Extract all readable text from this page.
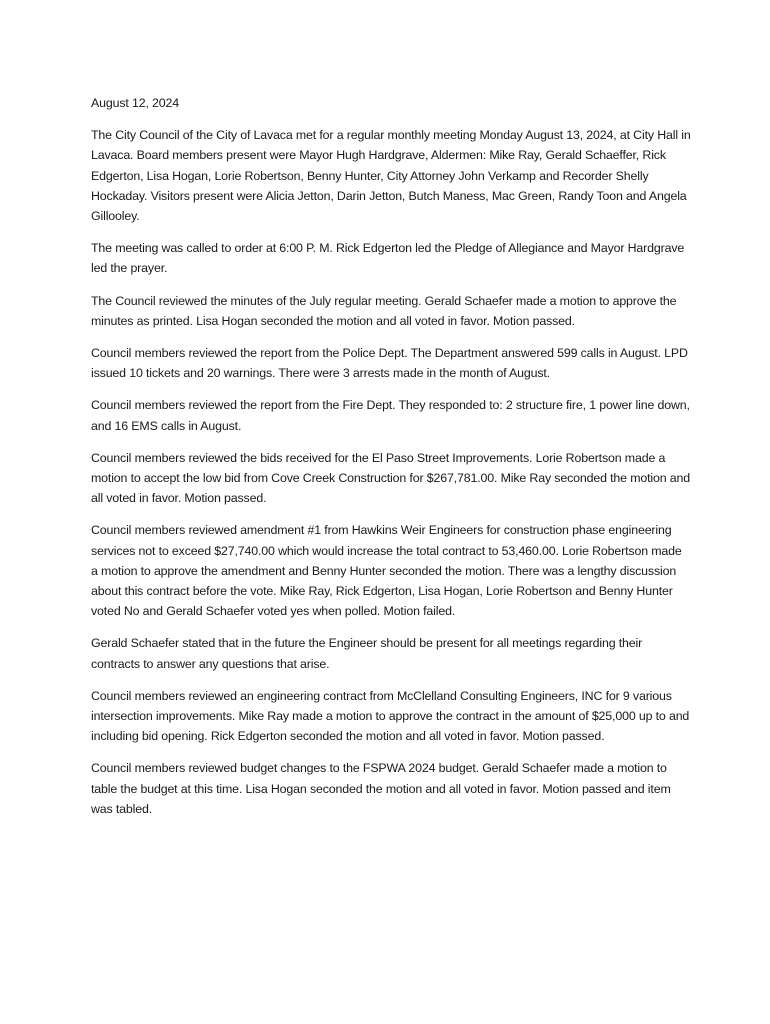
August 12, 2024

The City Council of the City of Lavaca met for a regular monthly meeting Monday August 13, 2024, at City Hall in Lavaca. Board members present were Mayor Hugh Hardgrave, Aldermen: Mike Ray, Gerald Schaeffer, Rick Edgerton, Lisa Hogan, Lorie Robertson, Benny Hunter, City Attorney John Verkamp and Recorder Shelly Hockaday. Visitors present were Alicia Jetton, Darin Jetton, Butch Maness, Mac Green, Randy Toon and Angela Gillooley.

The meeting was called to order at 6:00 P. M. Rick Edgerton led the Pledge of Allegiance and Mayor Hardgrave led the prayer.

The Council reviewed the minutes of the July regular meeting. Gerald Schaefer made a motion to approve the minutes as printed. Lisa Hogan seconded the motion and all voted in favor. Motion passed.

Council members reviewed the report from the Police Dept. The Department answered 599 calls in August. LPD issued 10 tickets and 20 warnings. There were 3 arrests made in the month of August.

Council members reviewed the report from the Fire Dept. They responded to: 2 structure fire, 1 power line down, and 16 EMS calls in August.

Council members reviewed the bids received for the El Paso Street Improvements. Lorie Robertson made a motion to accept the low bid from Cove Creek Construction for $267,781.00. Mike Ray seconded the motion and all voted in favor. Motion passed.

Council members reviewed amendment #1 from Hawkins Weir Engineers for construction phase engineering services not to exceed $27,740.00 which would increase the total contract to 53,460.00. Lorie Robertson made a motion to approve the amendment and Benny Hunter seconded the motion. There was a lengthy discussion about this contract before the vote. Mike Ray, Rick Edgerton, Lisa Hogan, Lorie Robertson and Benny Hunter voted No and Gerald Schaefer voted yes when polled. Motion failed.

Gerald Schaefer stated that in the future the Engineer should be present for all meetings regarding their contracts to answer any questions that arise.

Council members reviewed an engineering contract from McClelland Consulting Engineers, INC for 9 various intersection improvements. Mike Ray made a motion to approve the contract in the amount of $25,000 up to and including bid opening. Rick Edgerton seconded the motion and all voted in favor. Motion passed.

Council members reviewed budget changes to the FSPWA 2024 budget. Gerald Schaefer made a motion to table the budget at this time. Lisa Hogan seconded the motion and all voted in favor. Motion passed and item was tabled.
